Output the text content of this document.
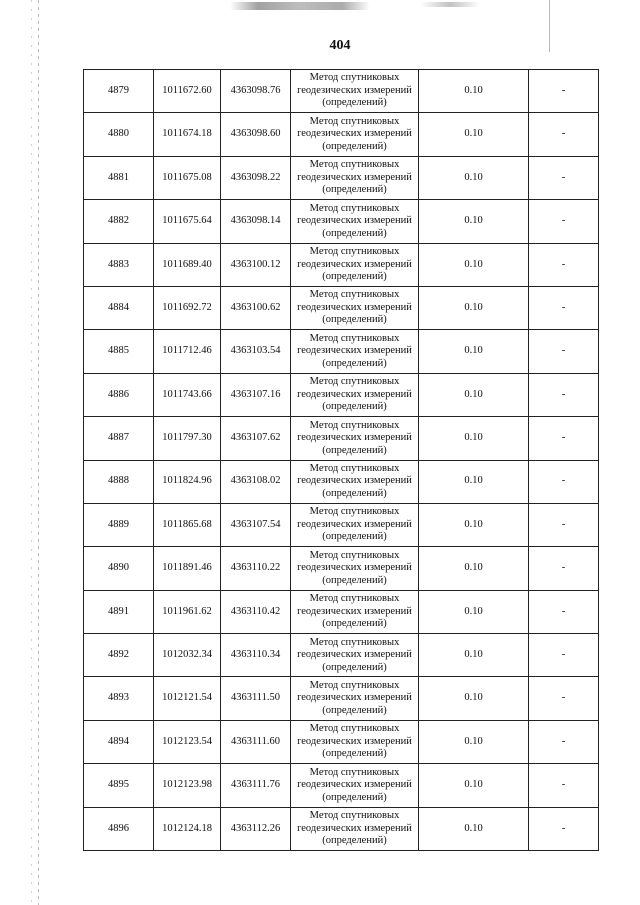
404
4879	1011672.60	4363098.76	Метод спутниковых геодезических измерений (определений)	0.10	-
4880	1011674.18	4363098.60	Метод спутниковых геодезических измерений (определений)	0.10	-
4881	1011675.08	4363098.22	Метод спутниковых геодезических измерений (определений)	0.10	-
4882	1011675.64	4363098.14	Метод спутниковых геодезических измерений (определений)	0.10	-
4883	1011689.40	4363100.12	Метод спутниковых геодезических измерений (определений)	0.10	-
4884	1011692.72	4363100.62	Метод спутниковых геодезических измерений (определений)	0.10	-
4885	1011712.46	4363103.54	Метод спутниковых геодезических измерений (определений)	0.10	-
4886	1011743.66	4363107.16	Метод спутниковых геодезических измерений (определений)	0.10	-
4887	1011797.30	4363107.62	Метод спутниковых геодезических измерений (определений)	0.10	-
4888	1011824.96	4363108.02	Метод спутниковых геодезических измерений (определений)	0.10	-
4889	1011865.68	4363107.54	Метод спутниковых геодезических измерений (определений)	0.10	-
4890	1011891.46	4363110.22	Метод спутниковых геодезических измерений (определений)	0.10	-
4891	1011961.62	4363110.42	Метод спутниковых геодезических измерений (определений)	0.10	-
4892	1012032.34	4363110.34	Метод спутниковых геодезических измерений (определений)	0.10	-
4893	1012121.54	4363111.50	Метод спутниковых геодезических измерений (определений)	0.10	-
4894	1012123.54	4363111.60	Метод спутниковых геодезических измерений (определений)	0.10	-
4895	1012123.98	4363111.76	Метод спутниковых геодезических измерений (определений)	0.10	-
4896	1012124.18	4363112.26	Метод спутниковых геодезических измерений (определений)	0.10	-
